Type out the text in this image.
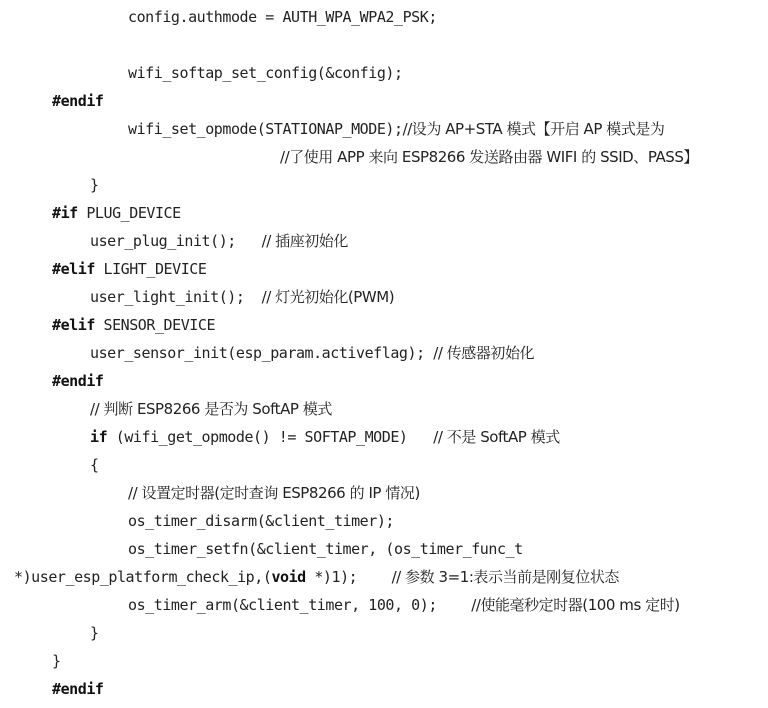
config.authmode = AUTH_WPA_WPA2_PSK;
wifi_softap_set_config(&config);
#endif
wifi_set_opmode(STATIONAP_MODE);//设为 AP+STA 模式【开启 AP 模式是为
//了使用 APP 来向 ESP8266 发送路由器 WIFI 的 SSID、PASS】
}
#if PLUG_DEVICE
user_plug_init();   // 插座初始化
#elif LIGHT_DEVICE
user_light_init();  // 灯光初始化(PWM)
#elif SENSOR_DEVICE
user_sensor_init(esp_param.activeflag); // 传感器初始化
#endif
// 判断 ESP8266 是否为 SoftAP 模式
if (wifi_get_opmode() != SOFTAP_MODE)   // 不是 SoftAP 模式
{
// 设置定时器(定时查询 ESP8266 的 IP 情况)
os_timer_disarm(&client_timer);
os_timer_setfn(&client_timer, (os_timer_func_t
*)user_esp_platform_check_ip,(void *)1);    // 参数 3=1:表示当前是刚复位状态
os_timer_arm(&client_timer, 100, 0);    //使能毫秒定时器(100 ms 定时)
}
}
#endif
